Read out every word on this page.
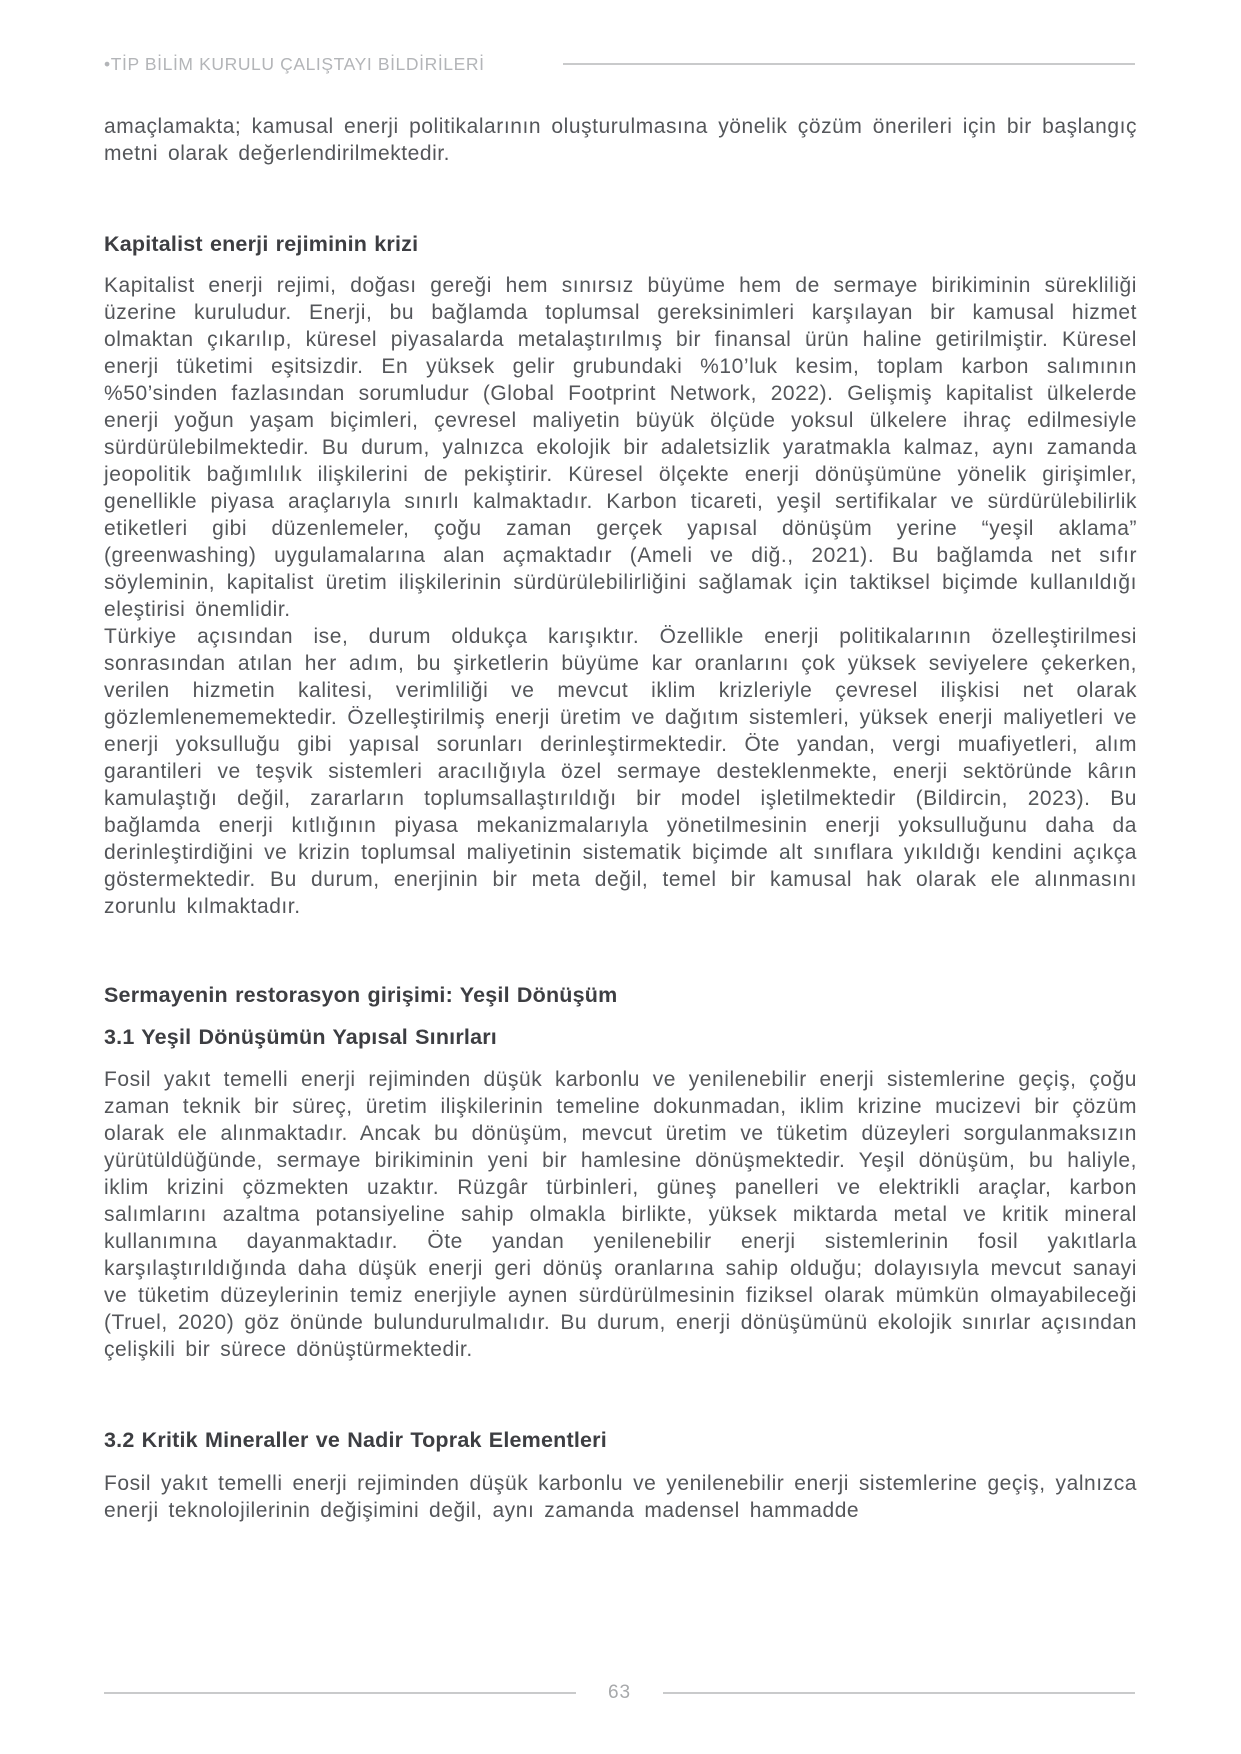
•TİP BİLİM KURULU ÇALIŞTAYI BİLDİRİLERİ

amaçlamakta; kamusal enerji politikalarının oluşturulmasına yönelik çözüm önerileri için bir başlangıç metni olarak değerlendirilmektedir.

Kapitalist enerji rejiminin krizi

Kapitalist enerji rejimi, doğası gereği hem sınırsız büyüme hem de sermaye birikiminin sürekliliği üzerine kuruludur. Enerji, bu bağlamda toplumsal gereksinimleri karşılayan bir kamusal hizmet olmaktan çıkarılıp, küresel piyasalarda metalaştırılmış bir finansal ürün haline getirilmiştir. Küresel enerji tüketimi eşitsizdir. En yüksek gelir grubundaki %10’luk kesim, toplam karbon salımının %50’sinden fazlasından sorumludur (Global Footprint Network, 2022). Gelişmiş kapitalist ülkelerde enerji yoğun yaşam biçimleri, çevresel maliyetin büyük ölçüde yoksul ülkelere ihraç edilmesiyle sürdürülebilmektedir. Bu durum, yalnızca ekolojik bir adaletsizlik yaratmakla kalmaz, aynı zamanda jeopolitik bağımlılık ilişkilerini de pekiştirir. Küresel ölçekte enerji dönüşümüne yönelik girişimler, genellikle piyasa araçlarıyla sınırlı kalmaktadır. Karbon ticareti, yeşil sertifikalar ve sürdürülebilirlik etiketleri gibi düzenlemeler, çoğu zaman gerçek yapısal dönüşüm yerine “yeşil aklama” (greenwashing) uygulamalarına alan açmaktadır (Ameli ve diğ., 2021). Bu bağlamda net sıfır söyleminin, kapitalist üretim ilişkilerinin sürdürülebilirliğini sağlamak için taktiksel biçimde kullanıldığı eleştirisi önemlidir.

Türkiye açısından ise, durum oldukça karışıktır. Özellikle enerji politikalarının özelleştirilmesi sonrasından atılan her adım, bu şirketlerin büyüme kar oranlarını çok yüksek seviyelere çekerken, verilen hizmetin kalitesi, verimliliği ve mevcut iklim krizleriyle çevresel ilişkisi net olarak gözlemlenememektedir. Özelleştirilmiş enerji üretim ve dağıtım sistemleri, yüksek enerji maliyetleri ve enerji yoksulluğu gibi yapısal sorunları derinleştirmektedir. Öte yandan, vergi muafiyetleri, alım garantileri ve teşvik sistemleri aracılığıyla özel sermaye desteklenmekte, enerji sektöründe kârın kamulaştığı değil, zararların toplumsallaştırıldığı bir model işletilmektedir (Bildircin, 2023). Bu bağlamda enerji kıtlığının piyasa mekanizmalarıyla yönetilmesinin enerji yoksulluğunu daha da derinleştirdiğini ve krizin toplumsal maliyetinin sistematik biçimde alt sınıflara yıkıldığı kendini açıkça göstermektedir. Bu durum, enerjinin bir meta değil, temel bir kamusal hak olarak ele alınmasını zorunlu kılmaktadır.

Sermayenin restorasyon girişimi: Yeşil Dönüşüm
3.1 Yeşil Dönüşümün Yapısal Sınırları

Fosil yakıt temelli enerji rejiminden düşük karbonlu ve yenilenebilir enerji sistemlerine geçiş, çoğu zaman teknik bir süreç, üretim ilişkilerinin temeline dokunmadan, iklim krizine mucizevi bir çözüm olarak ele alınmaktadır. Ancak bu dönüşüm, mevcut üretim ve tüketim düzeyleri sorgulanmaksızın yürütüldüğünde, sermaye birikiminin yeni bir hamlesine dönüşmektedir. Yeşil dönüşüm, bu haliyle, iklim krizini çözmekten uzaktır. Rüzgâr türbinleri, güneş panelleri ve elektrikli araçlar, karbon salımlarını azaltma potansiyeline sahip olmakla birlikte, yüksek miktarda metal ve kritik mineral kullanımına dayanmaktadır. Öte yandan yenilenebilir enerji sistemlerinin fosil yakıtlarla karşılaştırıldığında daha düşük enerji geri dönüş oranlarına sahip olduğu; dolayısıyla mevcut sanayi ve tüketim düzeylerinin temiz enerjiyle aynen sürdürülmesinin fiziksel olarak mümkün olmayabileceği (Truel, 2020) göz önünde bulundurulmalıdır. Bu durum, enerji dönüşümünü ekolojik sınırlar açısından çelişkili bir sürece dönüştürmektedir.

3.2 Kritik Mineraller ve Nadir Toprak Elementleri

Fosil yakıt temelli enerji rejiminden düşük karbonlu ve yenilenebilir enerji sistemlerine geçiş, yalnızca enerji teknolojilerinin değişimini değil, aynı zamanda madensel hammadde

63
